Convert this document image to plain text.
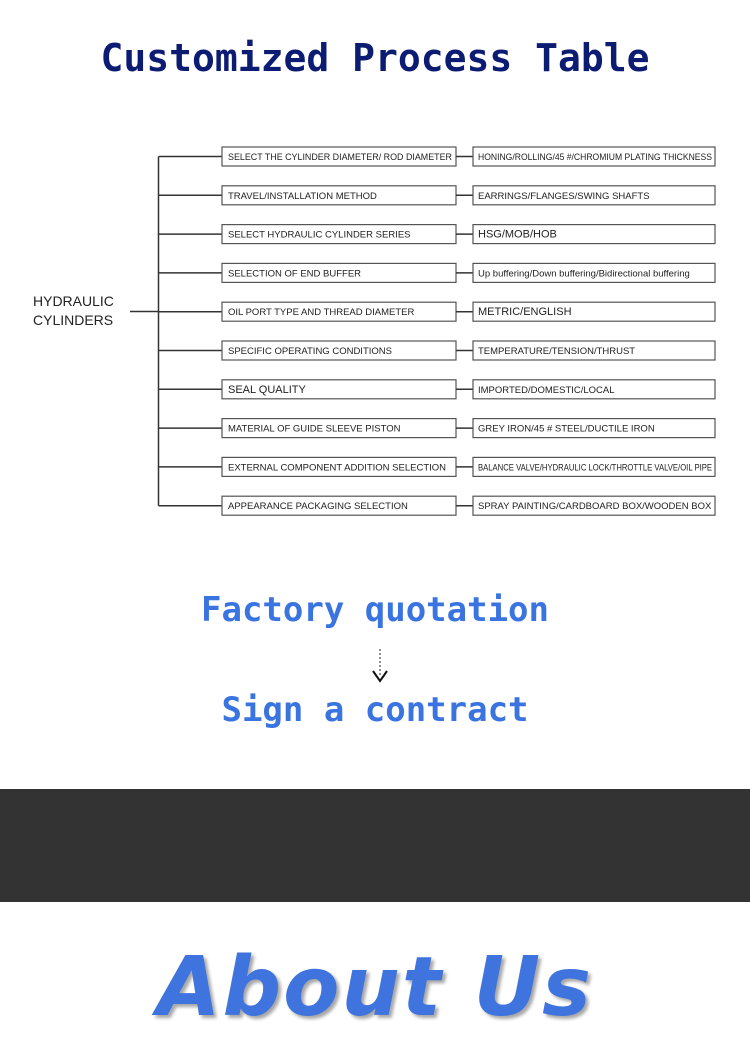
Customized Process Table
HYDRAULIC
CYLINDERS
SELECT THE CYLINDER DIAMETER/ ROD DIAMETER	HONING/ROLLING/45 #/CHROMIUM PLATING THICKNESS
TRAVEL/INSTALLATION METHOD	EARRINGS/FLANGES/SWING SHAFTS
SELECT HYDRAULIC CYLINDER SERIES	HSG/MOB/HOB
SELECTION OF END BUFFER	Up buffering/Down buffering/Bidirectional buffering
OIL PORT TYPE AND THREAD DIAMETER	METRIC/ENGLISH
SPECIFIC OPERATING CONDITIONS	TEMPERATURE/TENSION/THRUST
SEAL QUALITY	IMPORTED/DOMESTIC/LOCAL
MATERIAL OF GUIDE SLEEVE PISTON	GREY IRON/45 # STEEL/DUCTILE IRON
EXTERNAL COMPONENT ADDITION SELECTION	BALANCE VALVE/HYDRAULIC LOCK/THROTTLE VALVE/OIL PIPE
APPEARANCE PACKAGING SELECTION	SPRAY PAINTING/CARDBOARD BOX/WOODEN BOX
Factory quotation
Sign a contract
About Us
